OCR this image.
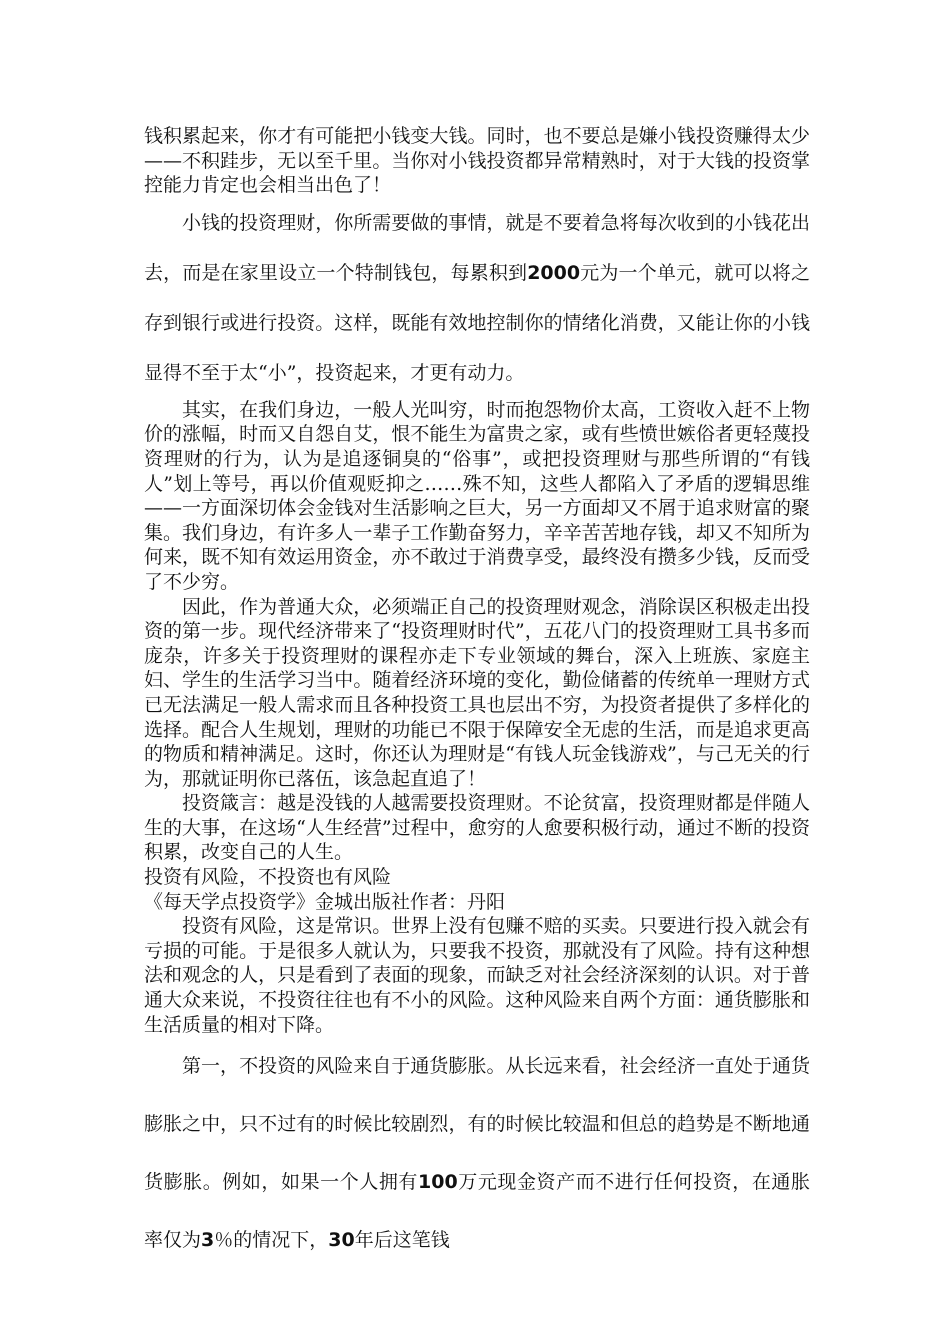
钱积累起来，你才有可能把小钱变大钱。同时，也不要总是嫌小钱投资赚得太少——不积跬步，无以至千里。当你对小钱投资都异常精熟时，对于大钱的投资掌控能力肯定也会相当出色了！

小钱的投资理财，你所需要做的事情，就是不要着急将每次收到的小钱花出去，而是在家里设立一个特制钱包，每累积到2000元为一个单元，就可以将之存到银行或进行投资。这样，既能有效地控制你的情绪化消费，又能让你的小钱显得不至于太“小”，投资起来，才更有动力。

其实，在我们身边，一般人光叫穷，时而抱怨物价太高，工资收入赶不上物价的涨幅，时而又自怨自艾，恨不能生为富贵之家，或有些愤世嫉俗者更轻蔑投资理财的行为，认为是追逐铜臭的“俗事”，或把投资理财与那些所谓的“有钱人”划上等号，再以价值观贬抑之……殊不知，这些人都陷入了矛盾的逻辑思维——一方面深切体会金钱对生活影响之巨大，另一方面却又不屑于追求财富的聚集。我们身边，有许多人一辈子工作勤奋努力，辛辛苦苦地存钱，却又不知所为何来，既不知有效运用资金，亦不敢过于消费享受，最终没有攒多少钱，反而受了不少穷。

因此，作为普通大众，必须端正自己的投资理财观念，消除误区积极走出投资的第一步。现代经济带来了“投资理财时代”，五花八门的投资理财工具书多而庞杂，许多关于投资理财的课程亦走下专业领域的舞台，深入上班族、家庭主妇、学生的生活学习当中。随着经济环境的变化，勤俭储蓄的传统单一理财方式已无法满足一般人需求而且各种投资工具也层出不穷，为投资者提供了多样化的选择。配合人生规划，理财的功能已不限于保障安全无虑的生活，而是追求更高的物质和精神满足。这时，你还认为理财是“有钱人玩金钱游戏”，与己无关的行为，那就证明你已落伍，该急起直追了！

投资箴言：越是没钱的人越需要投资理财。不论贫富，投资理财都是伴随人生的大事，在这场“人生经营”过程中，愈穷的人愈要积极行动，通过不断的投资积累，改变自己的人生。

投资有风险，不投资也有风险

《每天学点投资学》金城出版社作者：丹阳

投资有风险，这是常识。世界上没有包赚不赔的买卖。只要进行投入就会有亏损的可能。于是很多人就认为，只要我不投资，那就没有了风险。持有这种想法和观念的人，只是看到了表面的现象，而缺乏对社会经济深刻的认识。对于普通大众来说，不投资往往也有不小的风险。这种风险来自两个方面：通货膨胀和生活质量的相对下降。

第一，不投资的风险来自于通货膨胀。从长远来看，社会经济一直处于通货膨胀之中，只不过有的时候比较剧烈，有的时候比较温和但总的趋势是不断地通货膨胀。例如，如果一个人拥有100万元现金资产而不进行任何投资，在通胀率仅为3％的情况下，30年后这笔钱
